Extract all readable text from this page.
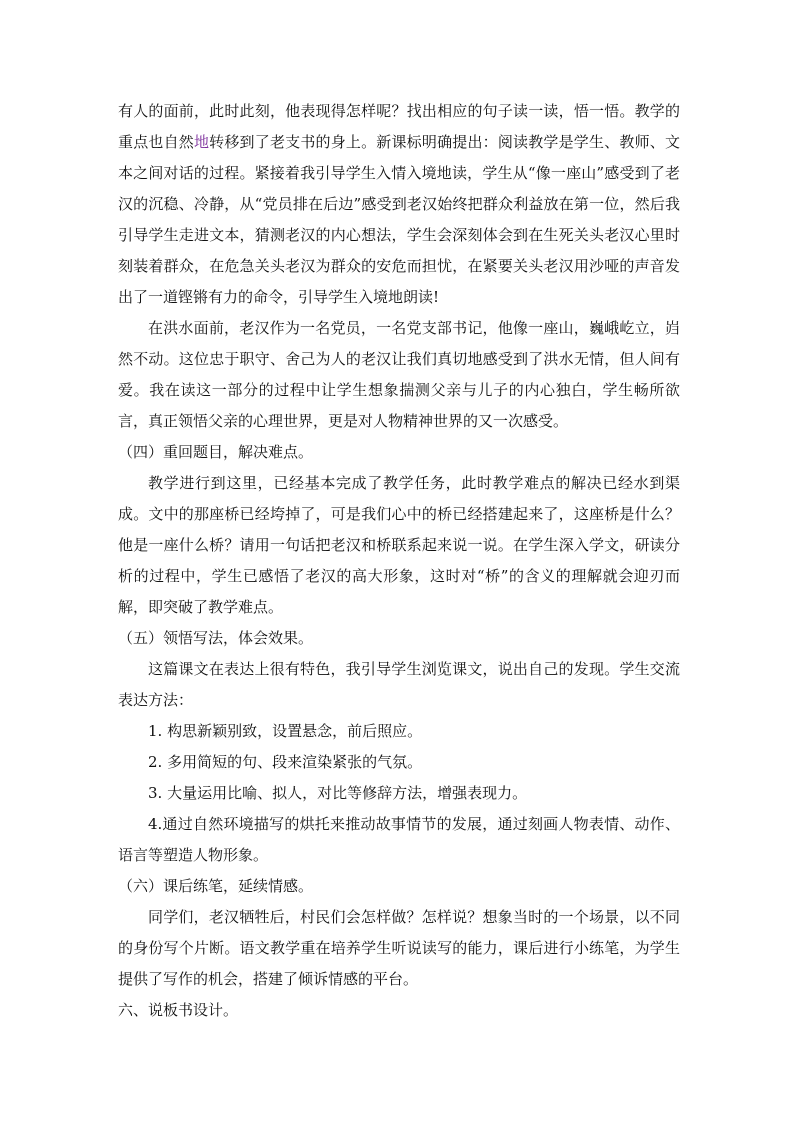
有人的面前，此时此刻，他表现得怎样呢？找出相应的句子读一读，悟一悟。教学的重点也自然地转移到了老支书的身上。新课标明确提出：阅读教学是学生、教师、文本之间对话的过程。紧接着我引导学生入情入境地读，学生从“像一座山”感受到了老汉的沉稳、冷静，从“党员排在后边”感受到老汉始终把群众利益放在第一位，然后我引导学生走进文本，猜测老汉的内心想法，学生会深刻体会到在生死关头老汉心里时刻装着群众，在危急关头老汉为群众的安危而担忧，在紧要关头老汉用沙哑的声音发出了一道铿锵有力的命令，引导学生入境地朗读!

在洪水面前，老汉作为一名党员，一名党支部书记，他像一座山，巍峨屹立，岿然不动。这位忠于职守、舍己为人的老汉让我们真切地感受到了洪水无情，但人间有爱。我在读这一部分的过程中让学生想象揣测父亲与儿子的内心独白，学生畅所欲言，真正领悟父亲的心理世界，更是对人物精神世界的又一次感受。

（四）重回题目，解决难点。

教学进行到这里，已经基本完成了教学任务，此时教学难点的解决已经水到渠成。文中的那座桥已经垮掉了，可是我们心中的桥已经搭建起来了，这座桥是什么？他是一座什么桥？请用一句话把老汉和桥联系起来说一说。在学生深入学文，研读分析的过程中，学生已感悟了老汉的高大形象，这时对“桥”的含义的理解就会迎刃而解，即突破了教学难点。

（五）领悟写法，体会效果。

这篇课文在表达上很有特色，我引导学生浏览课文，说出自己的发现。学生交流表达方法：

1. 构思新颖别致，设置悬念，前后照应。

2. 多用简短的句、段来渲染紧张的气氛。

3. 大量运用比喻、拟人，对比等修辞方法，增强表现力。

4.通过自然环境描写的烘托来推动故事情节的发展，通过刻画人物表情、动作、语言等塑造人物形象。

（六）课后练笔，延续情感。

同学们，老汉牺牲后，村民们会怎样做？怎样说？想象当时的一个场景，以不同的身份写个片断。语文教学重在培养学生听说读写的能力，课后进行小练笔，为学生提供了写作的机会，搭建了倾诉情感的平台。

六、说板书设计。
